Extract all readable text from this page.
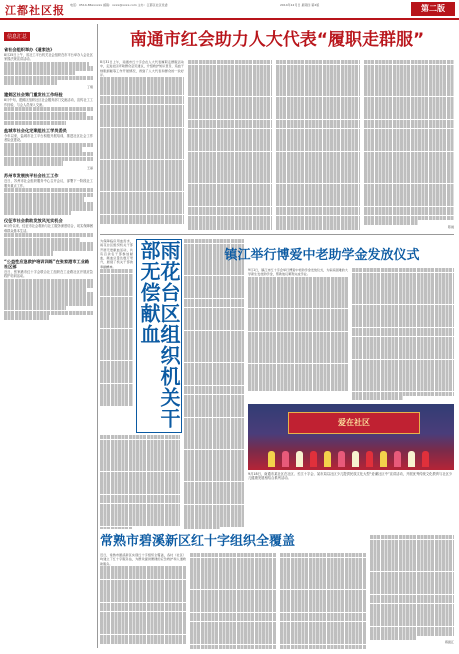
江都社区报 电话：0514-86xxxxxx 邮箱：xxxx@xxxx.com 主办：江都区社区党委	2014年12月日 星期四 第2版	第二版
信息汇总
省社会组织举办《道家法》

8月25日上午，省社工平台机关社会组织在市平台举办入会社区家园法规宣讲活动。

丁翔

建邺区社会第门重发社工作经验

8月中旬，建邺区组织社区社会服务部门交流活动，宣传社工工作经验，与会人员深入交流。

盐城市社会化定案组社工学员委员

今年以来，盐城市社工平台积极开展培训，推进社区社会工作者队伍建设。

王丽

苏州市发展扶平社会社工工作

近日，苏州市社会组织服务中心召开会议，部署下一阶段社工服务重点工作。

仪征市社会救助发放风光实机会

8月份以来，仪征市社会救助与社工服务深度结合，切实保障困难群众基本生活。

“公益性应急救护培训训练”在张家港市工业路社区部

近日，张家港市红十字会联合社工组织在工业路社区开展应急救护培训活动。

南通市红会助力人大代表“履职走群服”
8月31日上午，南通市红十字会在人大代表履职走群服活动中，走进社区听取群众意见建议，介绍救护知识普及、造血干细胞捐献等工作开展情况，得到了人大代表和群众的一致好评。
陈晨
为保障临床用血需求，雨花台区组织机关干部开展无偿献血活动，共有百余名干部参加献血，献血总量达数万毫升，展现了机关干部的奉献精神。	雨花台区组织机关干部无偿献血	镇江举行博爱中老助学金发放仪式
9月1日，镇江市红十字会举行博爱中老助学金发放仪式，为家庭困难的大学新生发放助学金，帮助他们顺利完成学业。
爱在社区
9月18日，南通市某社区在社区、长江十字会、某市局以社区少儿提供民族文化大型“爱谦社区中”宣讲活动，开展优秀传统文化教育与社区少儿健康发展相结合系列活动。
常熟市碧溪新区红十字组织全覆盖
近日，常熟市碧溪新区实现红十字组织全覆盖，各村（社区）均建立了红十字服务站，为群众提供便捷的应急救护和人道救助服务。
蒋振江
